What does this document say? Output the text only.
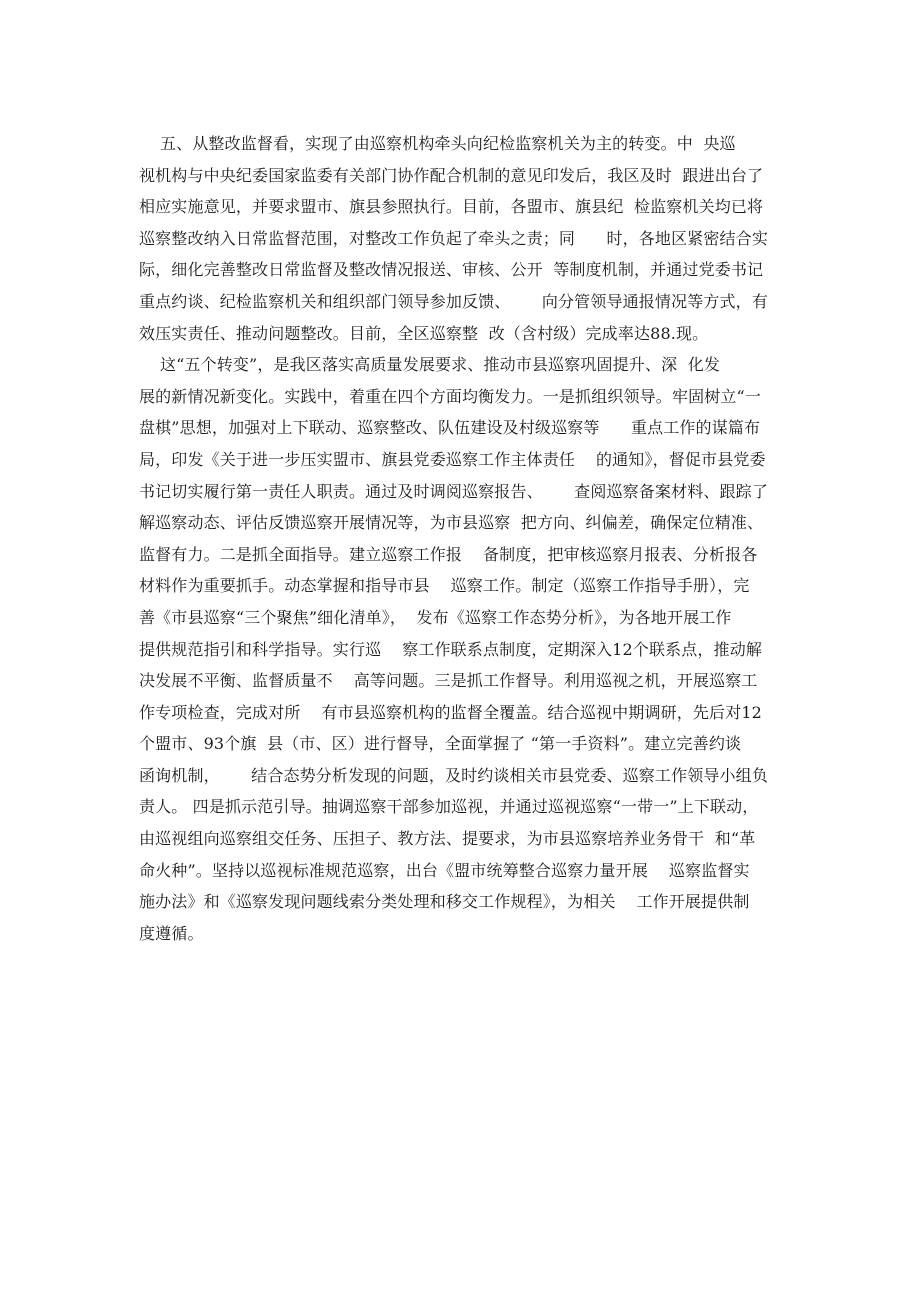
五、从整改监督看，实现了由巡察机构牵头向纪检监察机关为主的转变。中  央巡
视机构与中央纪委国家监委有关部门协作配合机制的意见印发后，我区及时  跟进出台了
相应实施意见，并要求盟市、旗县参照执行。目前，各盟市、旗县纪  检监察机关均已将
巡察整改纳入日常监督范围，对整改工作负起了牵头之责；同      时，各地区紧密结合实
际，细化完善整改日常监督及整改情况报送、审核、公开  等制度机制，并通过党委书记
重点约谈、纪检监察机关和组织部门领导参加反馈、      向分管领导通报情况等方式，有
效压实责任、推动问题整改。目前，全区巡察整  改（含村级）完成率达88.现。
这“五个转变”，是我区落实高质量发展要求、推动市县巡察巩固提升、深  化发
展的新情况新变化。实践中，着重在四个方面均衡发力。一是抓组织领导。牢固树立“一
盘棋”思想，加强对上下联动、巡察整改、队伍建设及村级巡察等      重点工作的谋篇布
局，印发《关于进一步压实盟市、旗县党委巡察工作主体责任    的通知》，督促市县党委
书记切实履行第一责任人职责。通过及时调阅巡察报告、      查阅巡察备案材料、跟踪了
解巡察动态、评估反馈巡察开展情况等，为市县巡察  把方向、纠偏差，确保定位精准、
监督有力。二是抓全面指导。建立巡察工作报    备制度，把审核巡察月报表、分析报各
材料作为重要抓手。动态掌握和指导市县    巡察工作。制定（巡察工作指导手册），完
善《市县巡察“三个聚焦”细化清单》，  发布《巡察工作态势分析》，为各地开展工作
提供规范指引和科学指导。实行巡    察工作联系点制度，定期深入12个联系点，推动解
决发展不平衡、监督质量不    高等问题。三是抓工作督导。利用巡视之机，开展巡察工
作专项检查，完成对所    有市县巡察机构的监督全覆盖。结合巡视中期调研，先后对12
个盟市、93个旗  县（市、区）进行督导，全面掌握了 “第一手资料”。建立完善约谈
函询机制，      结合态势分析发现的问题，及时约谈相关市县党委、巡察工作领导小组负
责人。 四是抓示范引导。抽调巡察干部参加巡视，并通过巡视巡察“一带一”上下联动，
由巡视组向巡察组交任务、压担子、教方法、提要求，为市县巡察培养业务骨干  和“革
命火种”。坚持以巡视标准规范巡察，出台《盟市统筹整合巡察力量开展    巡察监督实
施办法》和《巡察发现问题线索分类处理和移交工作规程》，为相关    工作开展提供制
度遵循。
